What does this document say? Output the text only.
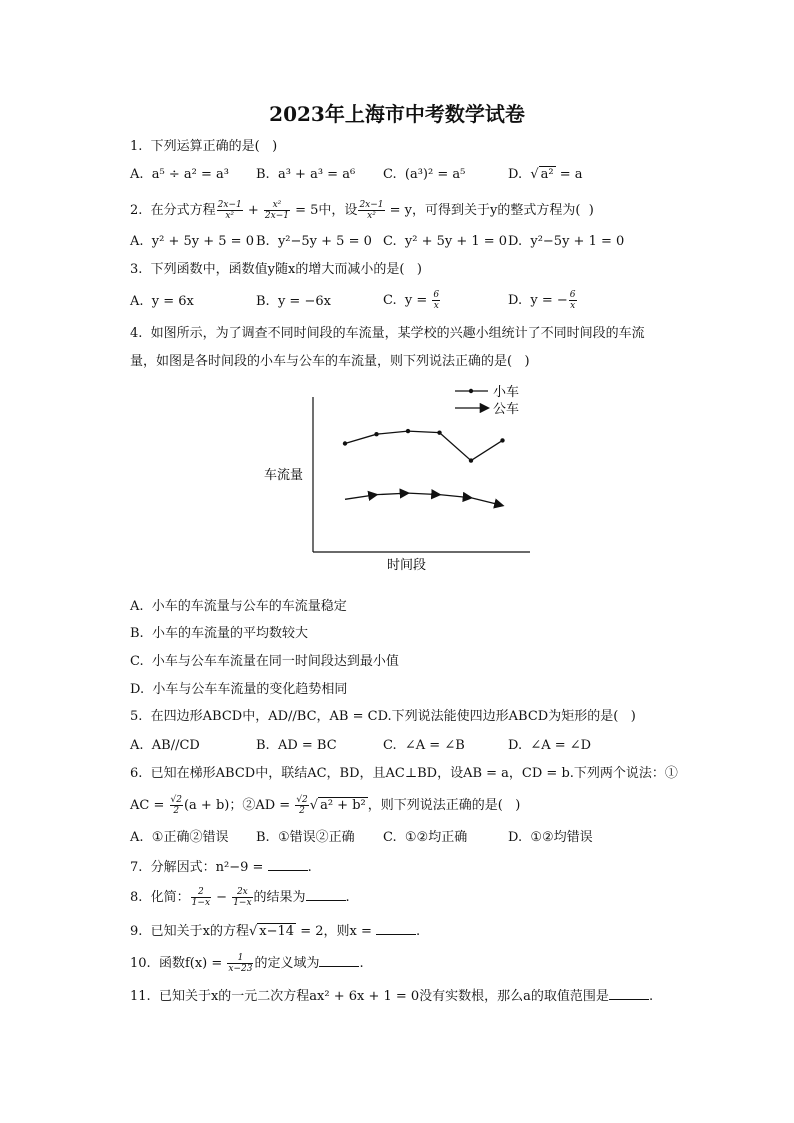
2023年上海市中考数学试卷
1.  下列运算正确的是(   )
A.  a⁵ ÷ a² = a³ B.  a³ + a³ = a⁶ C.  (a³)² = a⁵	D.  √ a² = a
2.  在分式方程 $\frac{2x-1}{\text{x²}} + \frac{\text{x²}}{2x-1} = 5$中，设 $\frac{2x-1}{\text{x²}} = y$，可得到关于y的整式方程为(  )
A.  y² + 5y + 5 = 0 B.  y²−5y + 5 = 0 C.  y² + 5y + 1 = 0 D.  y²−5y + 1 = 0
3.  下列函数中，函数值y随x的增大而减小的是(   )
A.  y = 6x	B.  y = −6x	C.  $y = \frac{6}{x}$	D.  y = − $\frac{6}{x}$
4.  如图所示，为了调查不同时间段的车流量，某学校的兴趣小组统计了不同时间段的车流
量，如图是各时间段的小车与公车的车流量，则下列说法正确的是(   )
车流量
时间段
小车
公车
A.  小车的车流量与公车的车流量稳定
B.  小车的车流量的平均数较大
C.  小车与公车车流量在同一时间段达到最小值
D.  小车与公车车流量的变化趋势相同
5.  在四边形ABCD中，AD//BC，AB = CD.下列说法能使四边形ABCD为矩形的是(   )
A.  AB//CD	B.  AD = BC	C.  ∠A = ∠B	D.  ∠A = ∠D
6.  已知在梯形ABCD中，联结AC，BD，且AC⊥BD，设AB = a，CD = b.下列两个说法：①
AC = $\frac{√2}{2} (a + b)$；②AD = $\frac{√2}{2}$ √ a² + b² ，则下列说法正确的是(   )
A.  ①正确②错误 B.  ①错误②正确 C.  ①②均正确	D.  ①②均错误
7.  分解因式：n²−9 =	.
8.  化简： $\frac{2}{1-x} - \frac{2x}{1-x}$ 的结果为	.
9.  已知关于x的方程√ x−14 = 2，则x =	.
10.  函数$f(x) = \frac{1}{x-23}$ 的定义域为	.
11.  已知关于x的一元二次方程ax² + 6x + 1 = 0没有实数根，那么a的取值范围是	.
